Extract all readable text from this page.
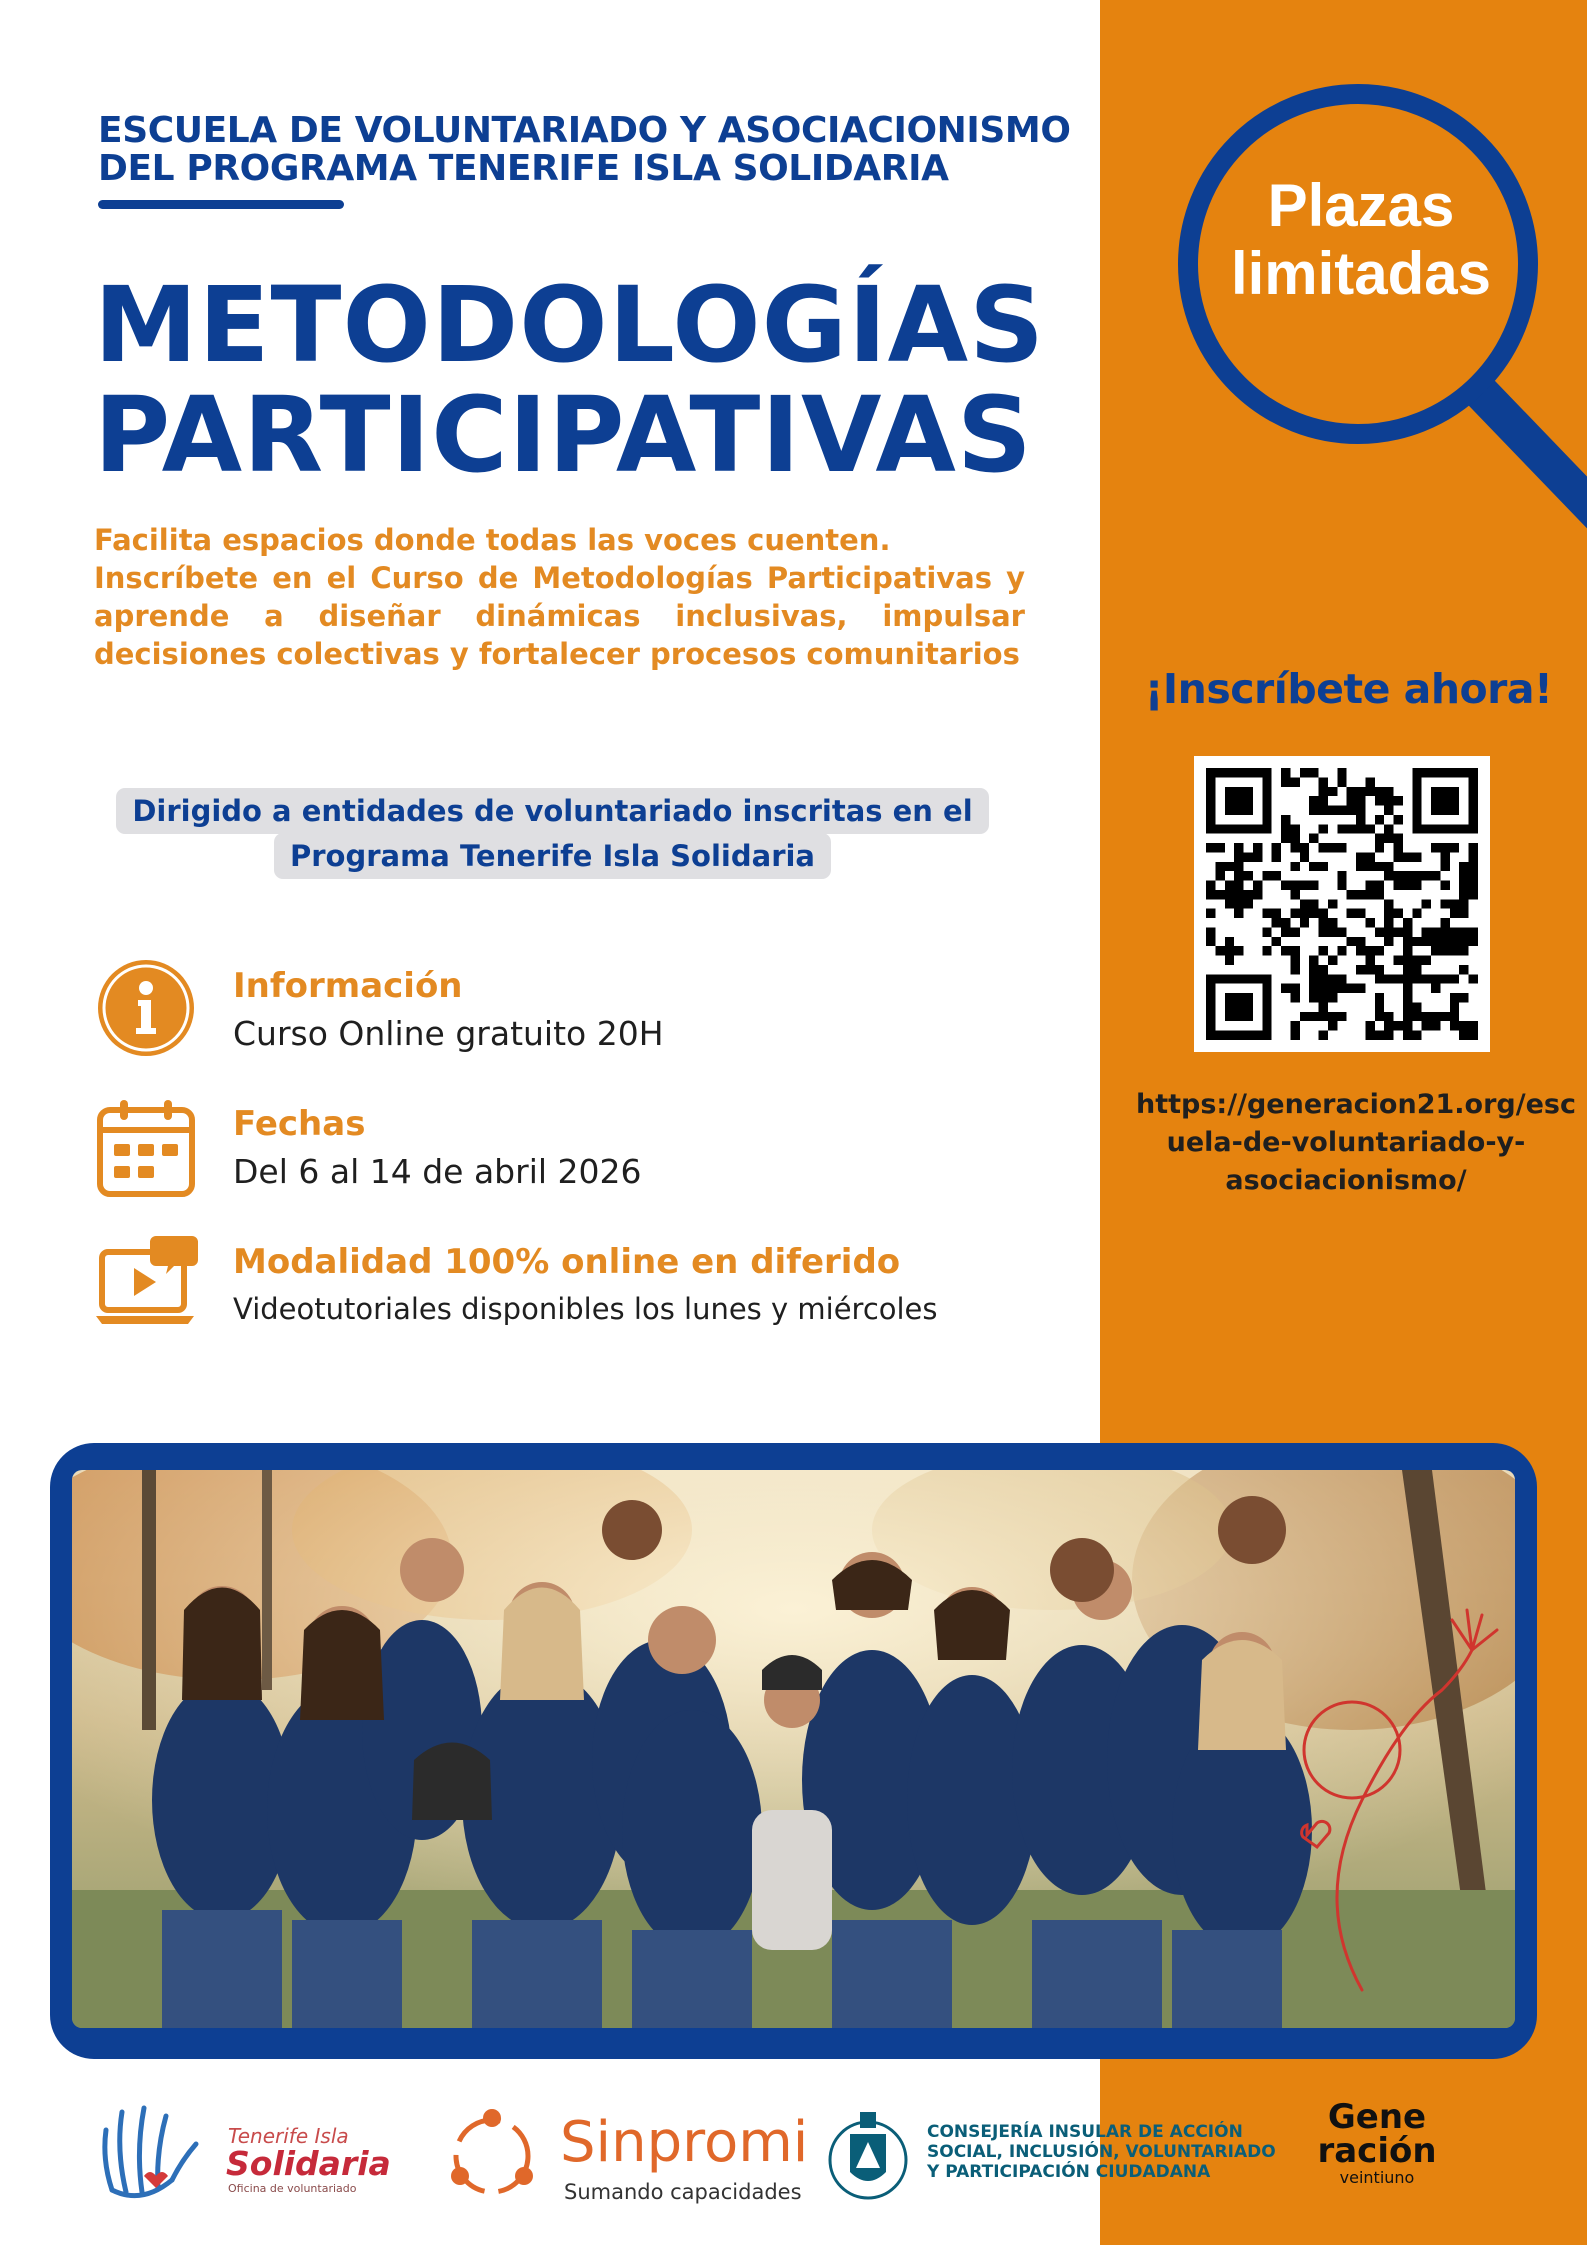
ESCUELA DE VOLUNTARIADO Y ASOCIACIONISMO
DEL PROGRAMA TENERIFE ISLA SOLIDARIA
METODOLOGÍAS
PARTICIPATIVAS
Facilita espacios donde todas las voces cuenten.
Inscríbete en el Curso de Metodologías Participativas y
aprende a diseñar dinámicas inclusivas, impulsar
decisiones colectivas y fortalecer procesos comunitarios
Dirigido a entidades de voluntariado inscritas en el
Programa Tenerife Isla Solidaria
Información
Curso Online gratuito 20H
Fechas
Del 6 al 14 de abril 2026
Modalidad 100% online en diferido
Videotutoriales disponibles los lunes y miércoles
Plazas
limitadas
¡Inscríbete ahora!
https://generacion21.org/esc
uela-de-voluntariado-y-
asociacionismo/
Tenerife Isla
Solidaria
Oficina de voluntariado
Sinpromi
Sumando capacidades
CONSEJERÍA INSULAR DE ACCIÓN
SOCIAL, INCLUSIÓN, VOLUNTARIADO
Y PARTICIPACIÓN CIUDADANA
Gene
ración
veintiuno
